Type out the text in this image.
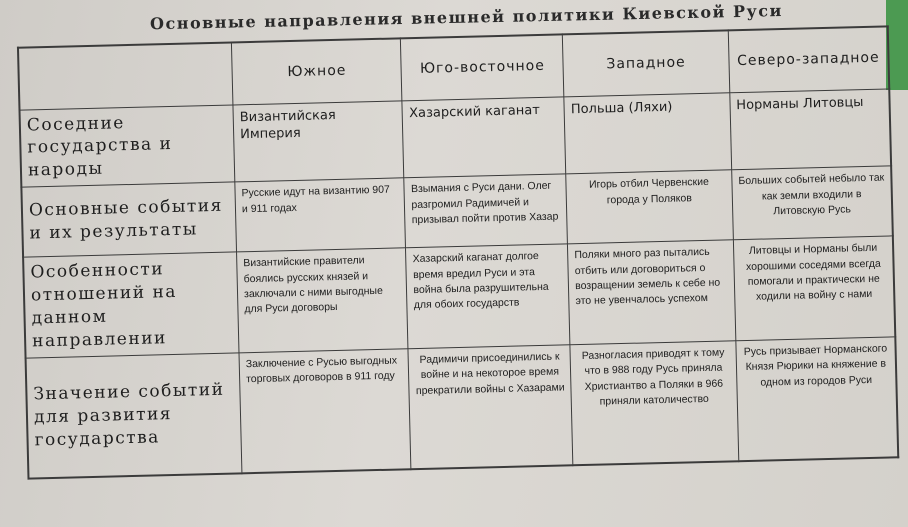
Основные направления внешней политики Киевской Руси
	Южное	Юго-восточное	Западное	Северо-западное
Соседние государства и народы	Византийская Империя	Хазарский каганат	Польша (Ляхи)	Норманы Литовцы
Основные события и их результаты	Русские идут на византию 907 и 911 годах	Взымания с Руси дани. Олег разгромил Радимичей и призывал пойти против Хазар	Игорь отбил Червенские города у Поляков	Больших событей небыло так как земли входили в Литовскую Русь
Особенности отношений на данном направлении	Византийские правители боялись русских князей и заключали с ними выгодные для Руси договоры	Хазарский каганат долгое время вредил Руси и эта война была разрушительна для обоих государств	Поляки много раз пытались отбить или договориться о возращении земель к себе но это не увенчалось успехом	Литовцы и Норманы были хорошими соседями всегда помогали и практически не ходили на войну с нами
Значение событий для развития государства	Заключение с Русью выгодных торговых договоров в 911 году	Радимичи присоединились к войне и на некоторое время прекратили войны с Хазарами	Разногласия приводят к тому что в 988 году Русь приняла Христиантво а Поляки в 966 приняли католичество	Русь призывает Норманского Князя Рюрики на княжение в одном из городов Руси
